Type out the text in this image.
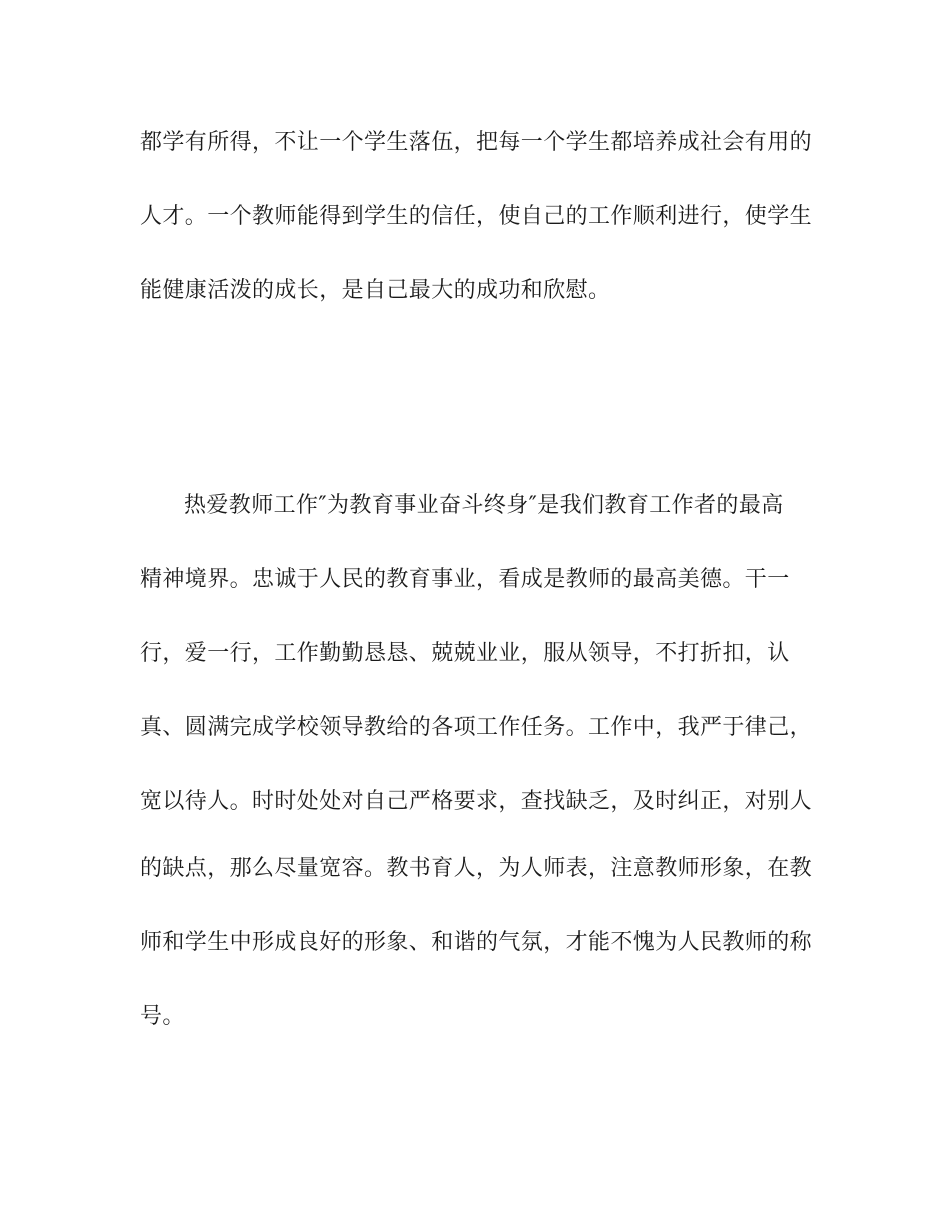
都学有所得，不让一个学生落伍，把每一个学生都培养成社会有用的
人才。一个教师能得到学生的信任，使自己的工作顺利进行，使学生
能健康活泼的成长，是自己最大的成功和欣慰。
热爱教师工作″为教育事业奋斗终身″是我们教育工作者的最高
精神境界。忠诚于人民的教育事业，看成是教师的最高美德。干一
行，爱一行，工作勤勤恳恳、兢兢业业，服从领导，不打折扣，认
真、圆满完成学校领导教给的各项工作任务。工作中，我严于律己，
宽以待人。时时处处对自己严格要求，查找缺乏，及时纠正，对别人
的缺点，那么尽量宽容。教书育人，为人师表，注意教师形象，在教
师和学生中形成良好的形象、和谐的气氛，才能不愧为人民教师的称
号。
